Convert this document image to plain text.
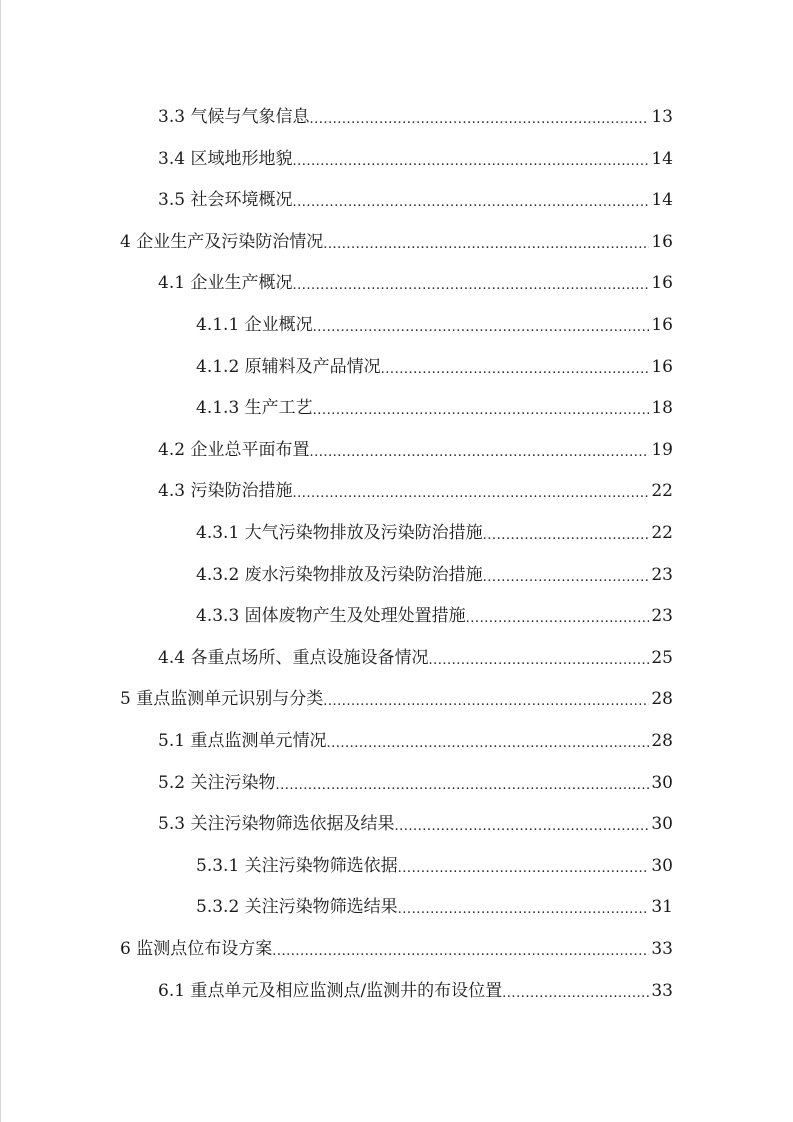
3.3 气候与气象信息 .....	13
3.4 区域地形地貌 .....	14
3.5 社会环境概况 .....	14
4 企业生产及污染防治情况 .....	16
4.1 企业生产概况 .....	16
4.1.1 企业概况 .....	16
4.1.2 原辅料及产品情况 .....	16
4.1.3 生产工艺 .....	18
4.2 企业总平面布置 .....	19
4.3 污染防治措施 .....	22
4.3.1 大气污染物排放及污染防治措施 .....	22
4.3.2 废水污染物排放及污染防治措施 .....	23
4.3.3 固体废物产生及处理处置措施 .....	23
4.4 各重点场所、重点设施设备情况 .....	25
5 重点监测单元识别与分类 .....	28
5.1 重点监测单元情况 .....	28
5.2 关注污染物 .....	30
5.3 关注污染物筛选依据及结果 .....	30
5.3.1 关注污染物筛选依据 .....	30
5.3.2 关注污染物筛选结果 .....	31
6 监测点位布设方案 .....	33
6.1 重点单元及相应监测点/监测井的布设位置 .....	33
